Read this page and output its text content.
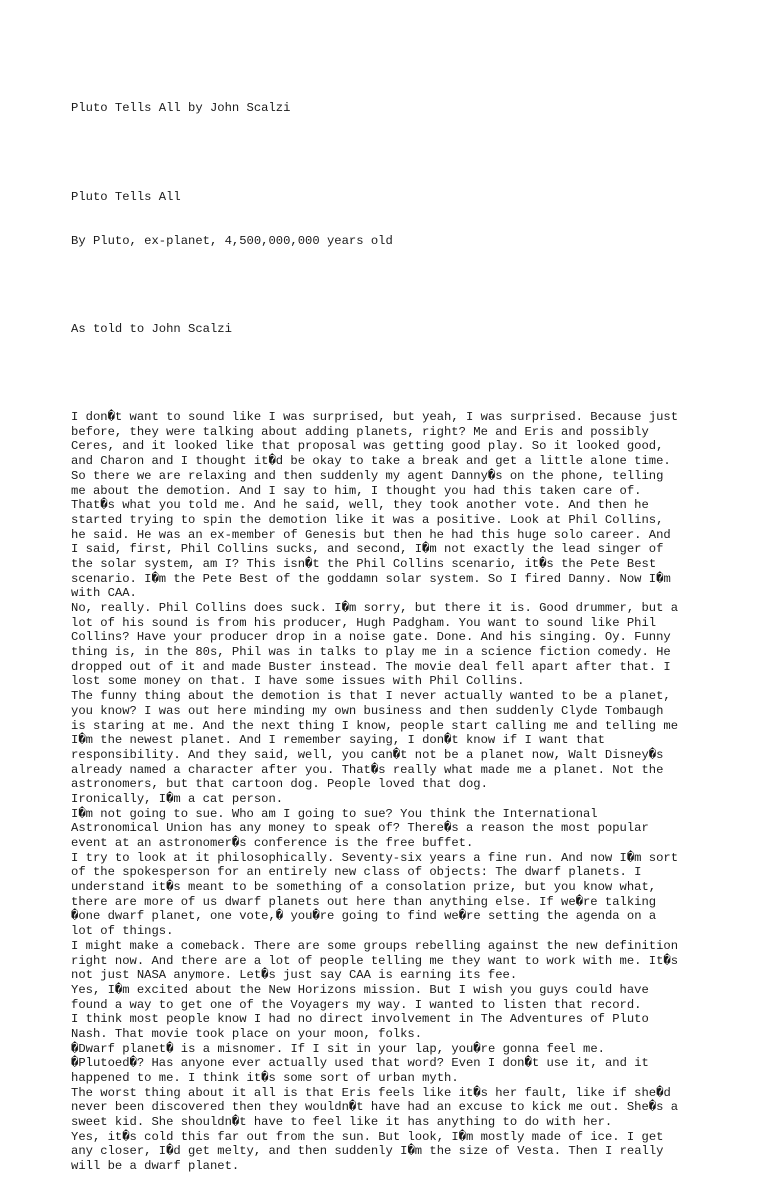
Pluto Tells All by John Scalzi

Pluto Tells All

By Pluto, ex-planet, 4,500,000,000 years old

As told to John Scalzi

I don�t want to sound like I was surprised, but yeah, I was surprised. Because just
before, they were talking about adding planets, right? Me and Eris and possibly
Ceres, and it looked like that proposal was getting good play. So it looked good,
and Charon and I thought it�d be okay to take a break and get a little alone time.
So there we are relaxing and then suddenly my agent Danny�s on the phone, telling
me about the demotion. And I say to him, I thought you had this taken care of.
That�s what you told me. And he said, well, they took another vote. And then he
started trying to spin the demotion like it was a positive. Look at Phil Collins,
he said. He was an ex-member of Genesis but then he had this huge solo career. And
I said, first, Phil Collins sucks, and second, I�m not exactly the lead singer of
the solar system, am I? This isn�t the Phil Collins scenario, it�s the Pete Best
scenario. I�m the Pete Best of the goddamn solar system. So I fired Danny. Now I�m
with CAA.
No, really. Phil Collins does suck. I�m sorry, but there it is. Good drummer, but a
lot of his sound is from his producer, Hugh Padgham. You want to sound like Phil
Collins? Have your producer drop in a noise gate. Done. And his singing. Oy. Funny
thing is, in the 80s, Phil was in talks to play me in a science fiction comedy. He
dropped out of it and made Buster instead. The movie deal fell apart after that. I
lost some money on that. I have some issues with Phil Collins.
The funny thing about the demotion is that I never actually wanted to be a planet,
you know? I was out here minding my own business and then suddenly Clyde Tombaugh
is staring at me. And the next thing I know, people start calling me and telling me
I�m the newest planet. And I remember saying, I don�t know if I want that
responsibility. And they said, well, you can�t not be a planet now, Walt Disney�s
already named a character after you. That�s really what made me a planet. Not the
astronomers, but that cartoon dog. People loved that dog.
Ironically, I�m a cat person.
I�m not going to sue. Who am I going to sue? You think the International
Astronomical Union has any money to speak of? There�s a reason the most popular
event at an astronomer�s conference is the free buffet.
I try to look at it philosophically. Seventy-six years a fine run. And now I�m sort
of the spokesperson for an entirely new class of objects: The dwarf planets. I
understand it�s meant to be something of a consolation prize, but you know what,
there are more of us dwarf planets out here than anything else. If we�re talking
�one dwarf planet, one vote,� you�re going to find we�re setting the agenda on a
lot of things.
I might make a comeback. There are some groups rebelling against the new definition
right now. And there are a lot of people telling me they want to work with me. It�s
not just NASA anymore. Let�s just say CAA is earning its fee.
Yes, I�m excited about the New Horizons mission. But I wish you guys could have
found a way to get one of the Voyagers my way. I wanted to listen that record.
I think most people know I had no direct involvement in The Adventures of Pluto
Nash. That movie took place on your moon, folks.
�Dwarf planet� is a misnomer. If I sit in your lap, you�re gonna feel me.
�Plutoed�? Has anyone ever actually used that word? Even I don�t use it, and it
happened to me. I think it�s some sort of urban myth.
The worst thing about it all is that Eris feels like it�s her fault, like if she�d
never been discovered then they wouldn�t have had an excuse to kick me out. She�s a
sweet kid. She shouldn�t have to feel like it has anything to do with her.
Yes, it�s cold this far out from the sun. But look, I�m mostly made of ice. I get
any closer, I�d get melty, and then suddenly I�m the size of Vesta. Then I really
will be a dwarf planet.
